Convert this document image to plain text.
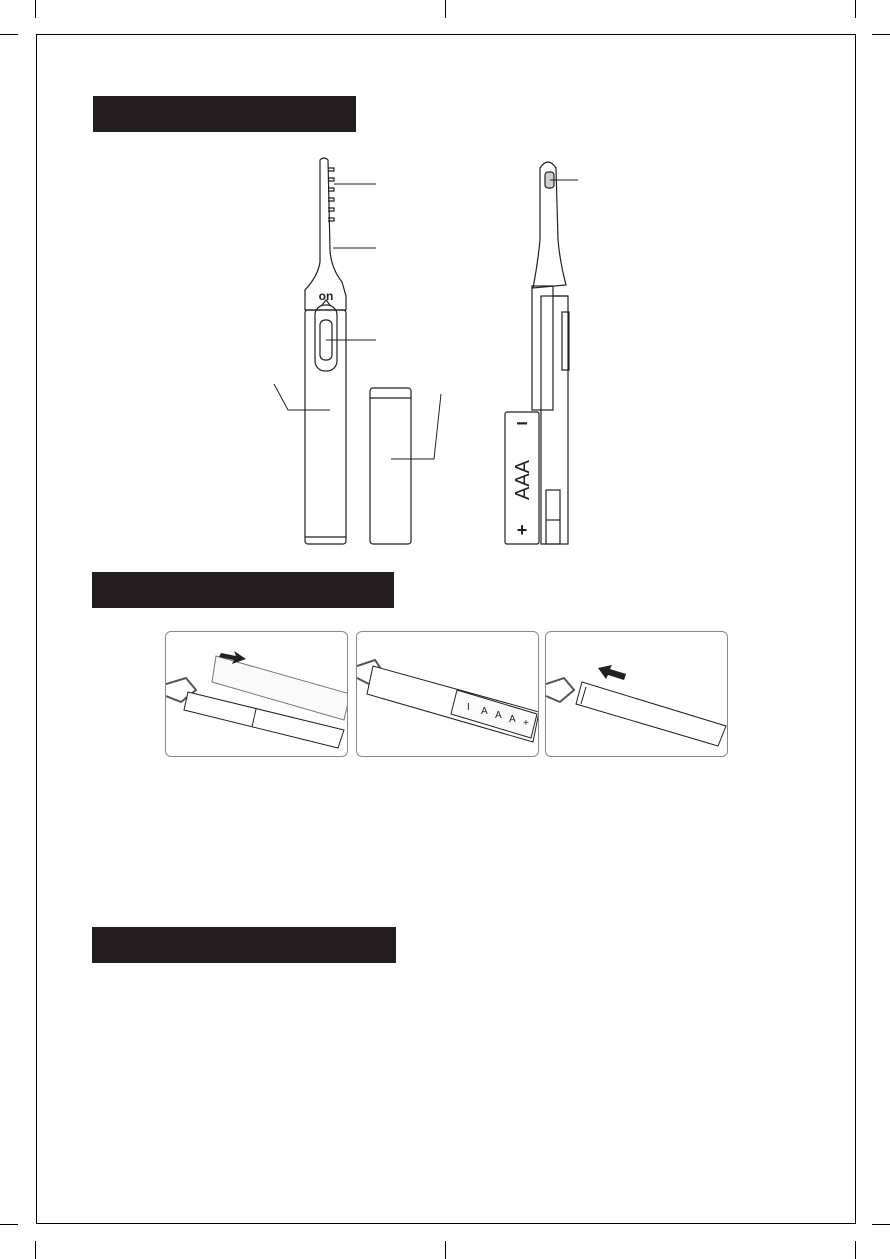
on
−
AAA
+
I A A A +
